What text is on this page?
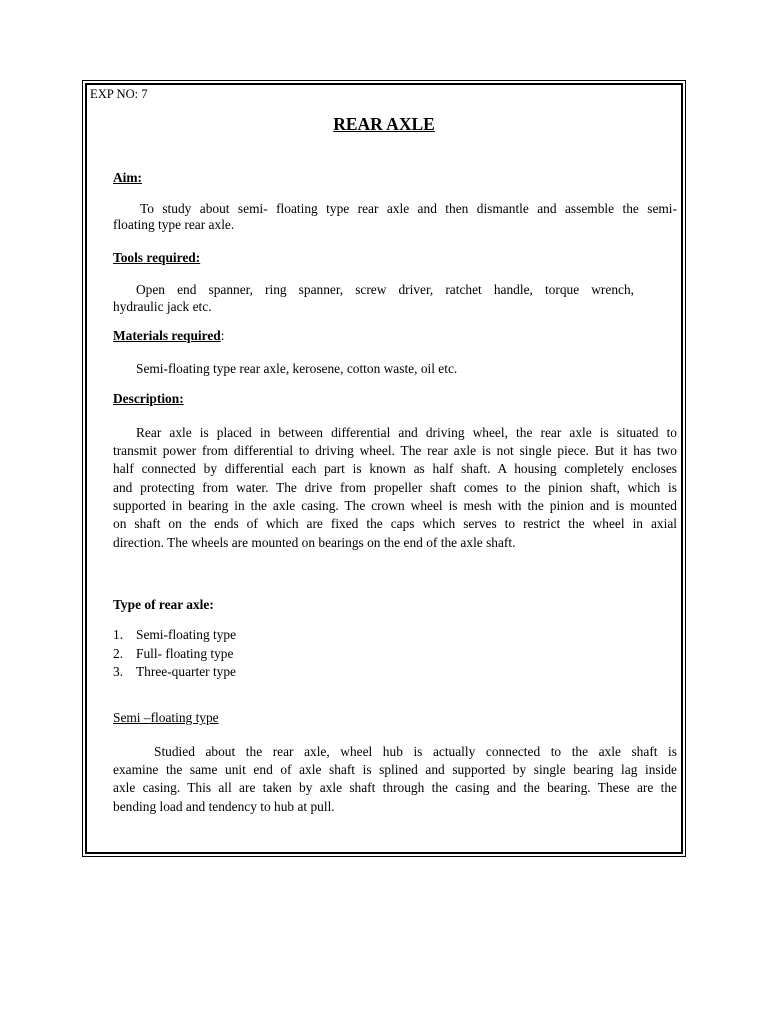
EXP NO: 7

REAR AXLE

Aim:

To study about semi- floating type rear axle and then dismantle and assemble the semi-

floating type rear axle.

Tools required:

Open end spanner, ring spanner, screw driver, ratchet handle, torque wrench,

hydraulic jack etc.

Materials required:

Semi-floating type rear axle, kerosene, cotton waste, oil etc.

Description:

Rear axle is placed in between differential and driving wheel, the rear axle is situated to

transmit power from differential to driving wheel. The rear axle is not single piece. But it has two

half connected by differential each part is known as half shaft. A housing completely encloses

and protecting from water. The drive from propeller shaft comes to the pinion shaft, which is

supported in bearing in the axle casing. The crown wheel is mesh with the pinion and is mounted

on shaft on the ends of which are fixed the caps which serves to restrict the wheel in axial

direction. The wheels are mounted on bearings on the end of the axle shaft.

Type of rear axle:

1. Semi-floating type
2. Full- floating type
3. Three-quarter type

Semi –floating type

Studied about the rear axle, wheel hub is actually connected to the axle shaft is

examine the same unit end of axle shaft is splined and supported by single bearing lag inside

axle casing. This all are taken by axle shaft through the casing and the bearing. These are the

bending load and tendency to hub at pull.
